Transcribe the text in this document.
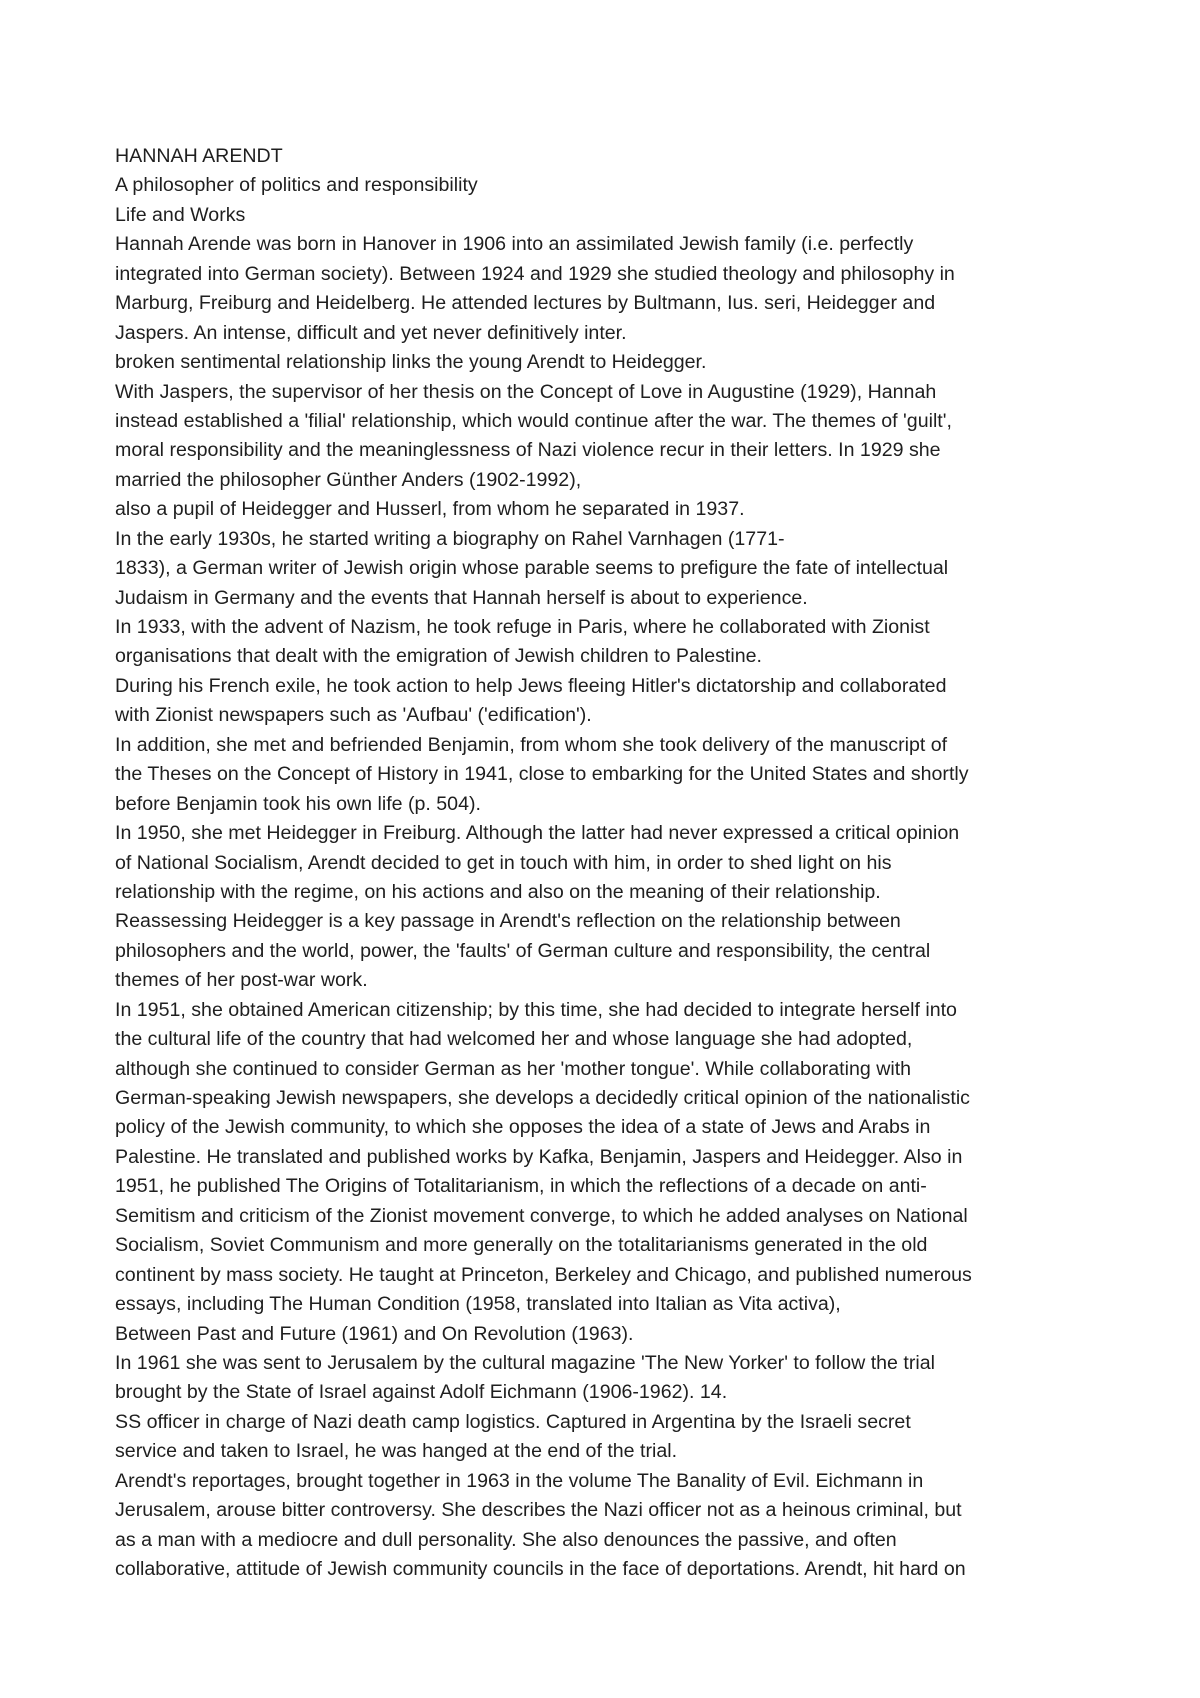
HANNAH ARENDT
A philosopher of politics and responsibility
Life and Works
Hannah Arende was born in Hanover in 1906 into an assimilated Jewish family (i.e. perfectly
integrated into German society). Between 1924 and 1929 she studied theology and philosophy in
Marburg, Freiburg and Heidelberg. He attended lectures by Bultmann, Ius. seri, Heidegger and
Jaspers. An intense, difficult and yet never definitively inter.
broken sentimental relationship links the young Arendt to Heidegger.
With Jaspers, the supervisor of her thesis on the Concept of Love in Augustine (1929), Hannah
instead established a 'filial' relationship, which would continue after the war. The themes of 'guilt',
moral responsibility and the meaninglessness of Nazi violence recur in their letters. In 1929 she
married the philosopher Günther Anders (1902-1992),
also a pupil of Heidegger and Husserl, from whom he separated in 1937.
In the early 1930s, he started writing a biography on Rahel Varnhagen (1771-
1833), a German writer of Jewish origin whose parable seems to prefigure the fate of intellectual
Judaism in Germany and the events that Hannah herself is about to experience.
In 1933, with the advent of Nazism, he took refuge in Paris, where he collaborated with Zionist
organisations that dealt with the emigration of Jewish children to Palestine.
During his French exile, he took action to help Jews fleeing Hitler's dictatorship and collaborated
with Zionist newspapers such as 'Aufbau' ('edification').
In addition, she met and befriended Benjamin, from whom she took delivery of the manuscript of
the Theses on the Concept of History in 1941, close to embarking for the United States and shortly
before Benjamin took his own life (p. 504).
In 1950, she met Heidegger in Freiburg. Although the latter had never expressed a critical opinion
of National Socialism, Arendt decided to get in touch with him, in order to shed light on his
relationship with the regime, on his actions and also on the meaning of their relationship.
Reassessing Heidegger is a key passage in Arendt's reflection on the relationship between
philosophers and the world, power, the 'faults' of German culture and responsibility, the central
themes of her post-war work.
In 1951, she obtained American citizenship; by this time, she had decided to integrate herself into
the cultural life of the country that had welcomed her and whose language she had adopted,
although she continued to consider German as her 'mother tongue'. While collaborating with
German-speaking Jewish newspapers, she develops a decidedly critical opinion of the nationalistic
policy of the Jewish community, to which she opposes the idea of a state of Jews and Arabs in
Palestine. He translated and published works by Kafka, Benjamin, Jaspers and Heidegger. Also in
1951, he published The Origins of Totalitarianism, in which the reflections of a decade on anti-
Semitism and criticism of the Zionist movement converge, to which he added analyses on National
Socialism, Soviet Communism and more generally on the totalitarianisms generated in the old
continent by mass society. He taught at Princeton, Berkeley and Chicago, and published numerous
essays, including The Human Condition (1958, translated into Italian as Vita activa),
Between Past and Future (1961) and On Revolution (1963).
In 1961 she was sent to Jerusalem by the cultural magazine 'The New Yorker' to follow the trial
brought by the State of Israel against Adolf Eichmann (1906-1962). 14.
SS officer in charge of Nazi death camp logistics. Captured in Argentina by the Israeli secret
service and taken to Israel, he was hanged at the end of the trial.
Arendt's reportages, brought together in 1963 in the volume The Banality of Evil. Eichmann in
Jerusalem, arouse bitter controversy. She describes the Nazi officer not as a heinous criminal, but
as a man with a mediocre and dull personality. She also denounces the passive, and often
collaborative, attitude of Jewish community councils in the face of deportations. Arendt, hit hard on
